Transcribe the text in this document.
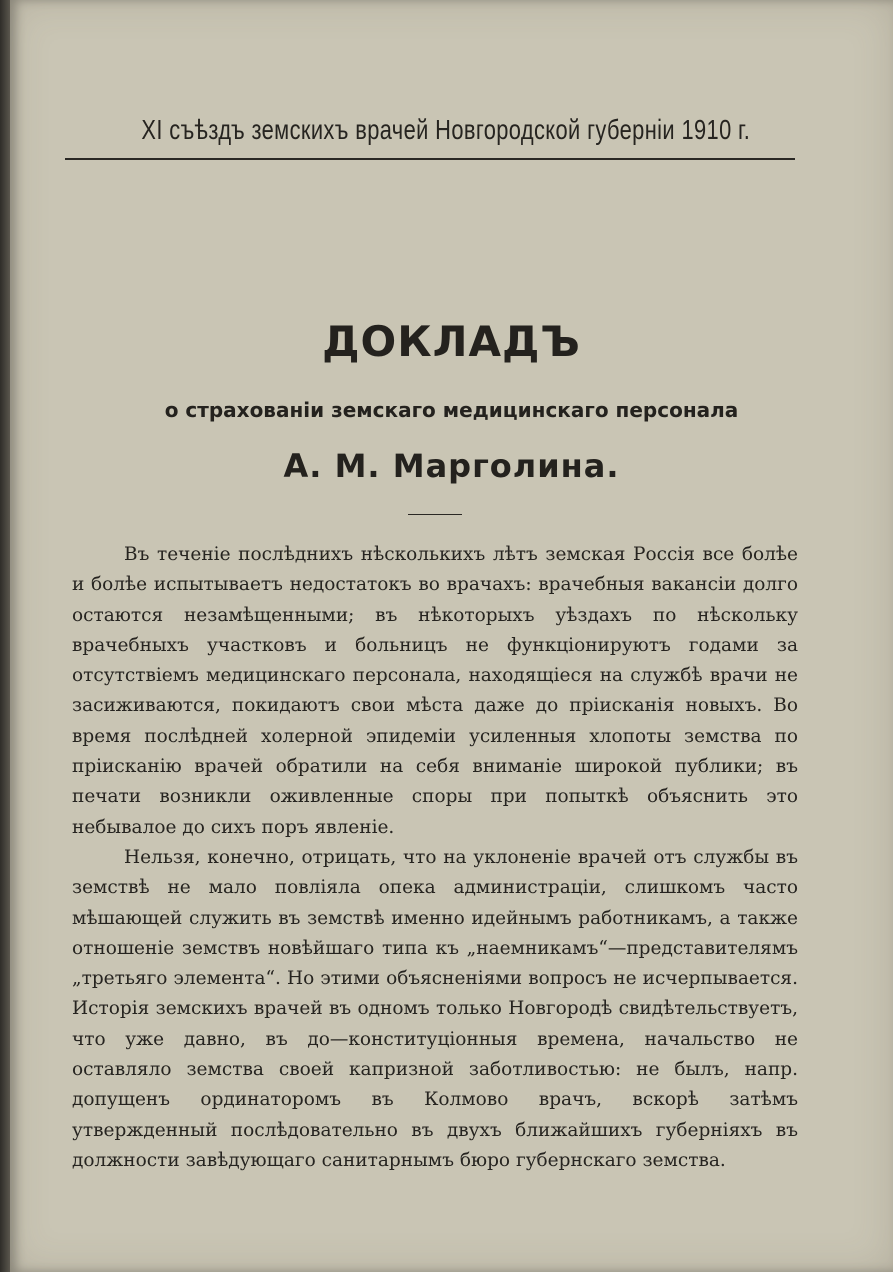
XI съѣздъ земскихъ врачей Новгородской губерніи 1910 г.
ДОКЛАДЪ
о страхованіи земскаго медицинскаго персонала
А. М. Марголина.

Въ теченіе послѣднихъ нѣсколькихъ лѣтъ земская Россія все болѣе и болѣе испытываетъ недостатокъ во врачахъ: врачебныя вакансіи долго остаются незамѣщенными; въ нѣкоторыхъ уѣздахъ по нѣскольку врачебныхъ участковъ и больницъ не функціонируютъ годами за отсутствіемъ медицинскаго персонала, находящіеся на службѣ врачи не засиживаются, покидаютъ свои мѣста даже до пріисканія новыхъ. Во время послѣдней холерной эпидеміи усиленныя хлопоты земства по пріисканію врачей обратили на себя вниманіе широкой публики; въ печати возникли оживленные споры при попыткѣ объяснить это небывалое до сихъ поръ явленіе.

Нельзя, конечно, отрицать, что на уклоненіе врачей отъ службы въ земствѣ не мало повліяла опека администраціи, слишкомъ часто мѣшающей служить въ земствѣ именно идейнымъ работникамъ, а также отношеніе земствъ новѣйшаго типа къ „наемникамъ“—представителямъ „третьяго элемента“. Но этими объясненіями вопросъ не исчерпывается. Исторія земскихъ врачей въ одномъ только Новгородѣ свидѣтельствуетъ, что уже давно, въ до—конституціонныя времена, начальство не оставляло земства своей капризной заботливостью: не былъ, напр. допущенъ ординаторомъ въ Колмово врачъ, вскорѣ затѣмъ утвержденный послѣдовательно въ двухъ ближайшихъ губерніяхъ въ должности завѣдующаго санитарнымъ бюро губернскаго земства.
